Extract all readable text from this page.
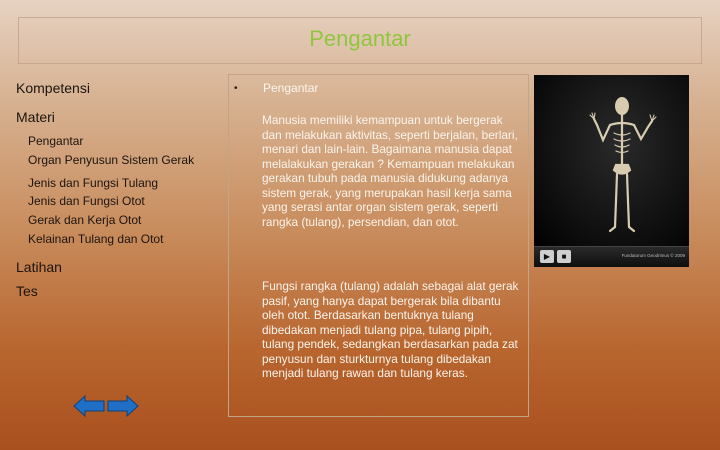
Pengantar
Kompetensi
Materi
Pengantar
Organ Penyusun Sistem Gerak
Jenis dan Fungsi Tulang
Jenis dan Fungsi Otot
Gerak dan Kerja Otot
Kelainan Tulang dan Otot
Latihan
Tes
• Pengantar

Manusia memiliki kemampuan untuk bergerak dan melakukan aktivitas, seperti berjalan, berlari, menari dan lain-lain. Bagaimana manusia dapat melalakukan gerakan ? Kemampuan melakukan gerakan tubuh pada manusia didukung adanya sistem gerak, yang merupakan hasil kerja sama yang serasi antar organ sistem gerak, seperti rangka (tulang), persendian, dan otot.

Fungsi rangka (tulang) adalah sebagai alat gerak pasif, yang hanya dapat bergerak bila dibantu oleh otot. Berdasarkan bentuknya tulang dibedakan menjadi tulang pipa, tulang pipih, tulang pendek, sedangkan berdasarkan pada zat penyusun dan sturkturnya tulang dibedakan menjadi tulang rawan dan tulang keras.

▶ ■	Fundatorum Geodrimus © 2009
